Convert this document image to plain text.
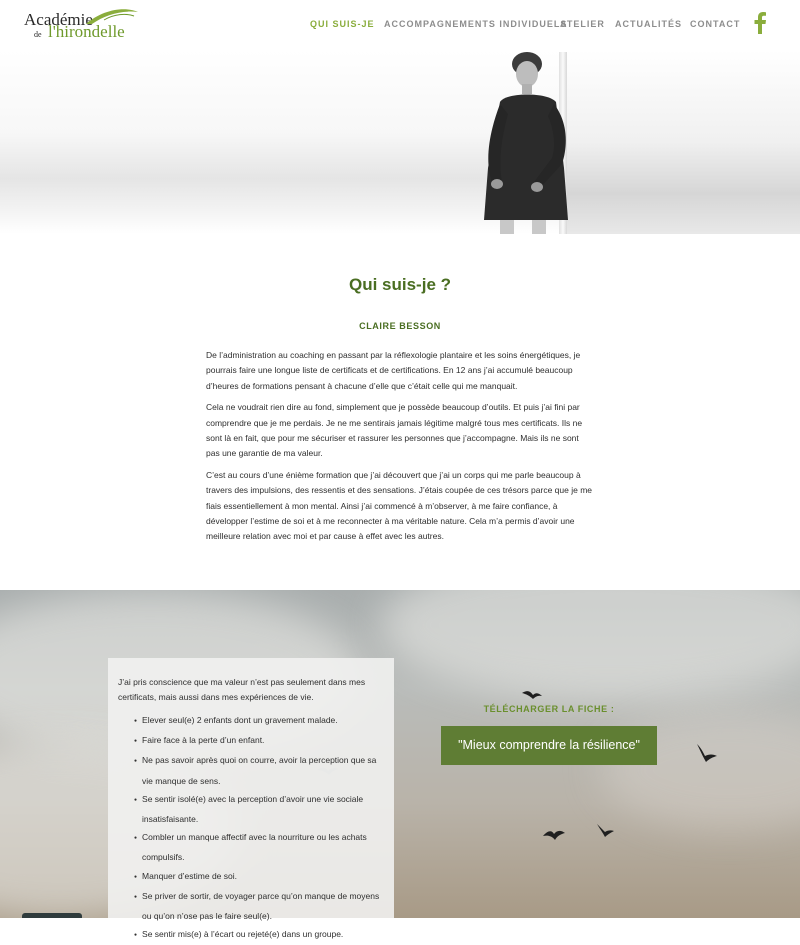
Académie
de l'hirondelle	QUI SUIS-JE ACCOMPAGNEMENTS INDIVIDUELS
ATELIER ACTUALITÉS CONTACT
Qui suis-je ?
CLAIRE BESSON

De l’administration au coaching en passant par la réflexologie plantaire et les soins énergétiques, je pourrais faire une longue liste de certificats et de certifications. En 12 ans j’ai accumulé beaucoup d’heures de formations pensant à chacune d’elle que c’était celle qui me manquait.

Cela ne voudrait rien dire au fond, simplement que je possède beaucoup d’outils. Et puis j’ai fini par comprendre que je me perdais. Je ne me sentirais jamais légitime malgré tous mes certificats. Ils ne sont là en fait, que pour me sécuriser et rassurer les personnes que j’accompagne. Mais ils ne sont pas une garantie de ma valeur.

C’est au cours d’une énième formation que j’ai découvert que j’ai un corps qui me parle beaucoup à travers des impulsions, des ressentis et des sensations. J’étais coupée de ces trésors parce que je me fiais essentiellement à mon mental. Ainsi j’ai commencé à m’observer, à me faire confiance, à développer l’estime de soi et à me reconnecter à ma véritable nature. Cela m’a permis d’avoir une meilleure relation avec moi et par cause à effet avec les autres.

J’ai pris conscience que ma valeur n’est pas seulement dans mes certificats, mais aussi dans mes expériences de vie.
● Elever seul(e) 2 enfants dont un gravement malade.
● Faire face à la perte d’un enfant.
● Ne pas savoir après quoi on courre, avoir la perception que sa vie manque de sens.
● Se sentir isolé(e) avec la perception d’avoir une vie sociale insatisfaisante.
● Combler un manque affectif avec la nourriture ou les achats compulsifs.
● Manquer d’estime de soi.
● Se priver de sortir, de voyager parce qu’on manque de moyens ou qu’on n’ose pas le faire seul(e).
● Se sentir mis(e) à l’écart ou rejeté(e) dans un groupe.
TÉLÉCHARGER LA FICHE :
"Mieux comprendre la résilience"
